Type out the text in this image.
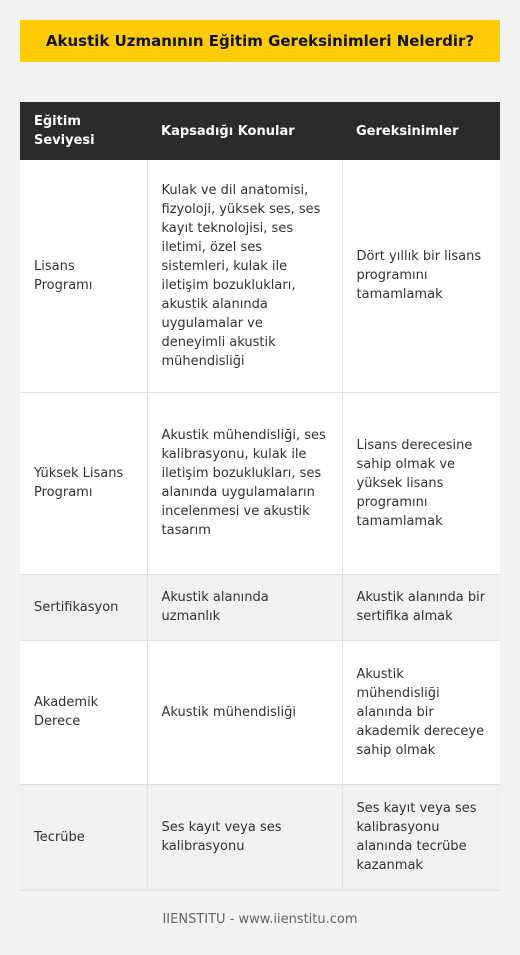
Akustik Uzmanının Eğitim Gereksinimleri Nelerdir?
Eğitim Seviyesi	Kapsadığı Konular	Gereksinimler
Lisans Programı	Kulak ve dil anatomisi, fizyoloji, yüksek ses, ses kayıt teknolojisi, ses iletimi, özel ses sistemleri, kulak ile iletişim bozuklukları, akustik alanında uygulamalar ve deneyimli akustik mühendisliği	Dört yıllık bir lisans programını tamamlamak
Yüksek Lisans Programı	Akustik mühendisliği, ses kalibrasyonu, kulak ile iletişim bozuklukları, ses alanında uygulamaların incelenmesi ve akustik tasarım	Lisans derecesine sahip olmak ve yüksek lisans programını tamamlamak
Sertifikasyon	Akustik alanında uzmanlık	Akustik alanında bir sertifika almak
Akademik Derece	Akustik mühendisliği	Akustik mühendisliği alanında bir akademik dereceye sahip olmak
Tecrübe	Ses kayıt veya ses kalibrasyonu	Ses kayıt veya ses kalibrasyonu alanında tecrübe kazanmak
IIENSTITU - www.iienstitu.com
